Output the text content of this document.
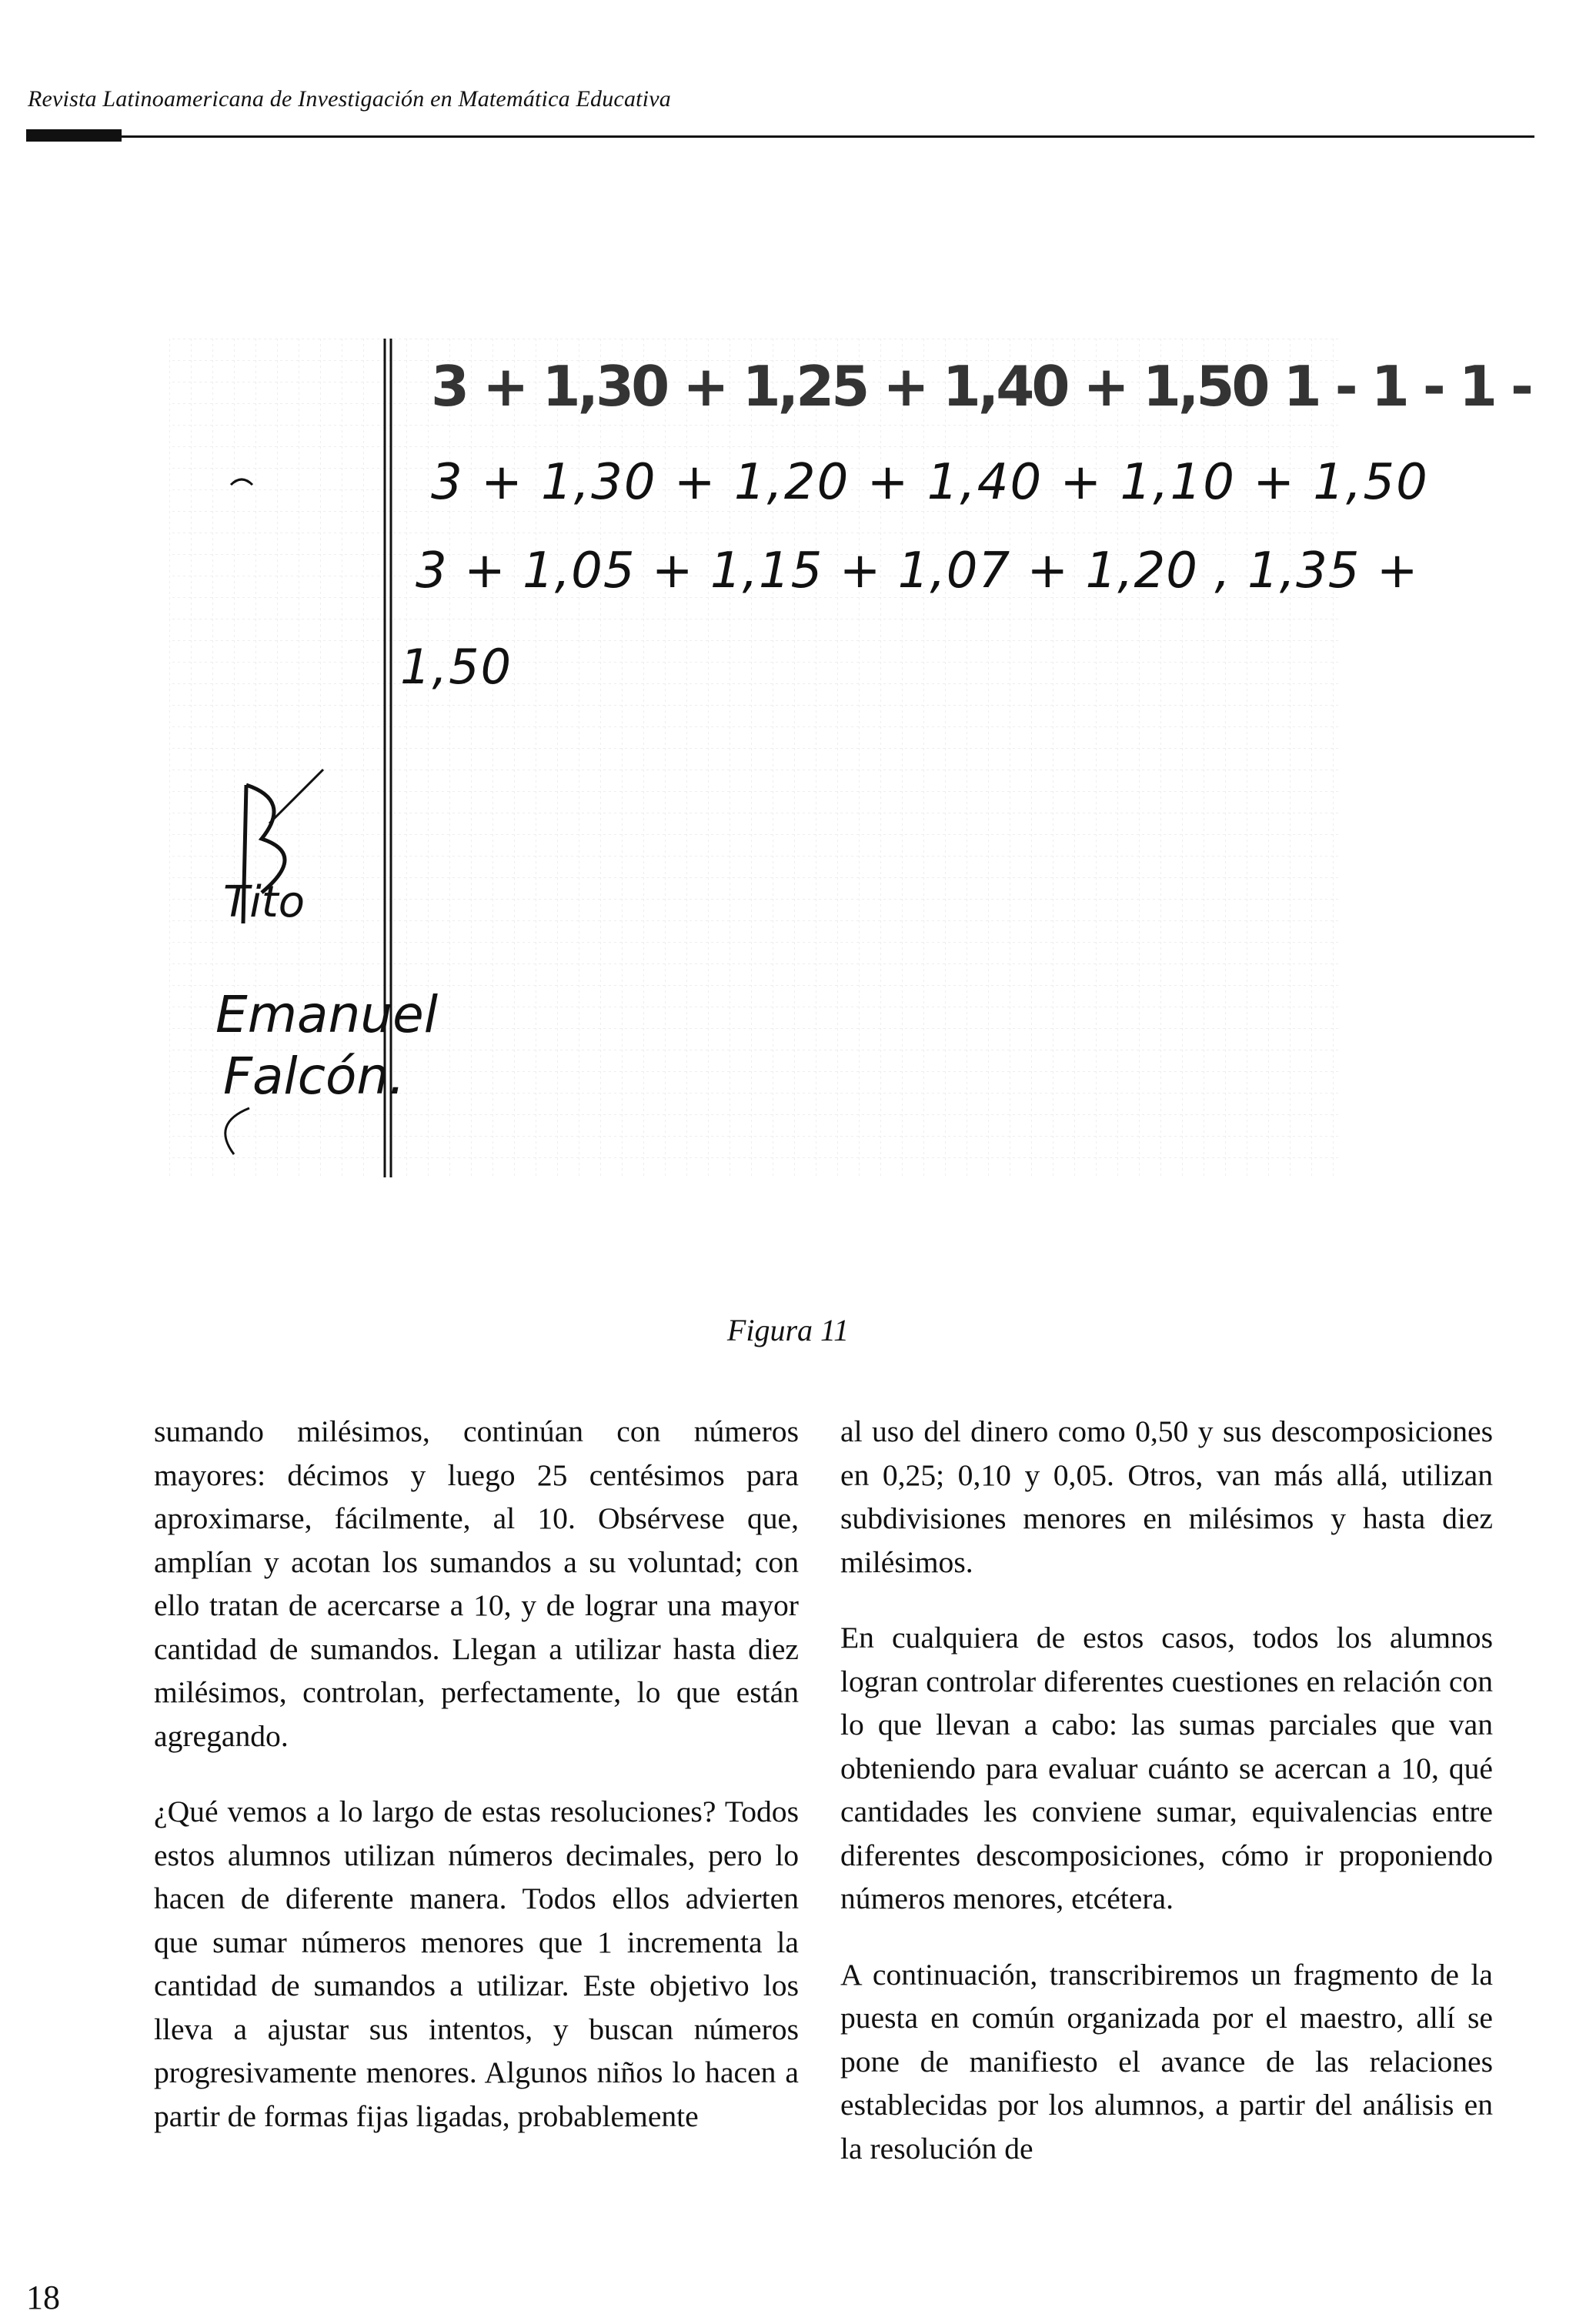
Revista Latinoamericana de Investigación en Matemática Educativa
3 + 1,30 + 1,25 + 1,40 + 1,50 1 - 1 - 1 -
3 + 1,30 + 1,20 + 1,40 + 1,10 + 1,50
3 + 1,05 + 1,15 + 1,07 + 1,20 , 1,35 +
1,50
Tito
Emanuel
Falcón.
Figura 11

sumando milésimos, continúan con números mayores: décimos y luego 25 centésimos para aproximarse, fácilmente, al 10. Obsérvese que, amplían y acotan los sumandos a su voluntad; con ello tratan de acercarse a 10, y de lograr una mayor cantidad de sumandos. Llegan a utilizar hasta diez milésimos, controlan, perfectamente, lo que están agregando.

¿Qué vemos a lo largo de estas resoluciones? Todos estos alumnos utilizan números decimales, pero lo hacen de diferente manera. Todos ellos advierten que sumar números menores que 1 incrementa la cantidad de sumandos a utilizar. Este objetivo los lleva a ajustar sus intentos, y buscan números progresivamente menores. Algunos niños lo hacen a partir de formas fijas ligadas, probablemente

al uso del dinero como 0,50 y sus descomposiciones en 0,25; 0,10 y 0,05. Otros, van más allá, utilizan subdivisiones menores en milésimos y hasta diez milésimos.

En cualquiera de estos casos, todos los alumnos logran controlar diferentes cuestiones en relación con lo que llevan a cabo: las sumas parciales que van obteniendo para evaluar cuánto se acercan a 10, qué cantidades les conviene sumar, equivalencias entre diferentes descomposiciones, cómo ir proponiendo números menores, etcétera.

A continuación, transcribiremos un fragmento de la puesta en común organizada por el maestro, allí se pone de manifiesto el avance de las relaciones establecidas por los alumnos, a partir del análisis en la resolución de

18
